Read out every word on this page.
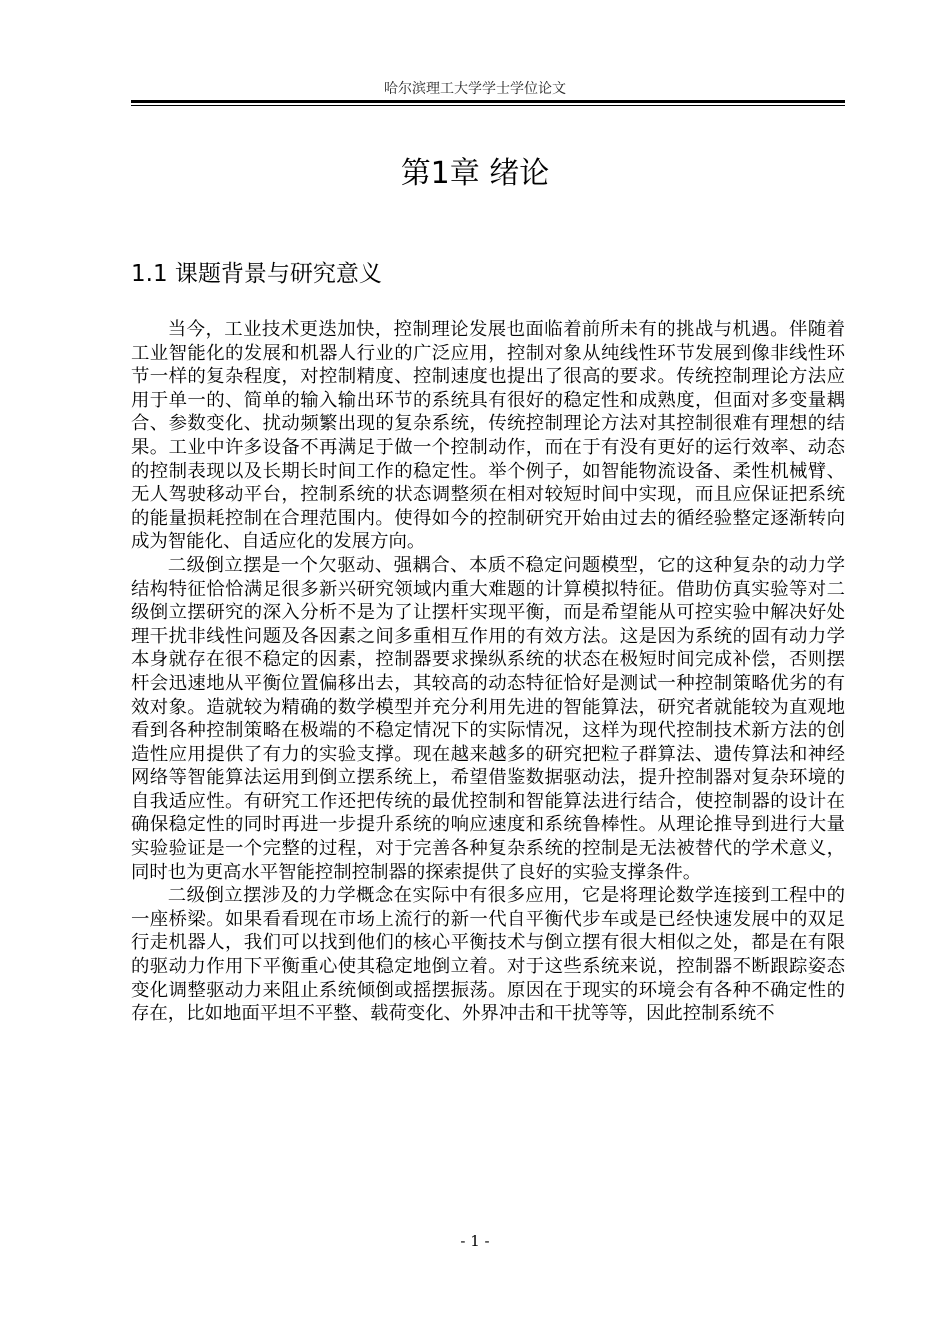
哈尔滨理工大学学士学位论文
第1章 绪论
1.1 课题背景与研究意义

当今，工业技术更迭加快，控制理论发展也面临着前所未有的挑战与机遇。伴随着工业智能化的发展和机器人行业的广泛应用，控制对象从纯线性环节发展到像非线性环节一样的复杂程度，对控制精度、控制速度也提出了很高的要求。传统控制理论方法应用于单一的、简单的输入输出环节的系统具有很好的稳定性和成熟度，但面对多变量耦合、参数变化、扰动频繁出现的复杂系统，传统控制理论方法对其控制很难有理想的结果。工业中许多设备不再满足于做一个控制动作，而在于有没有更好的运行效率、动态的控制表现以及长期长时间工作的稳定性。举个例子，如智能物流设备、柔性机械臂、无人驾驶移动平台，控制系统的状态调整须在相对较短时间中实现，而且应保证把系统的能量损耗控制在合理范围内。使得如今的控制研究开始由过去的循经验整定逐渐转向成为智能化、自适应化的发展方向。

二级倒立摆是一个欠驱动、强耦合、本质不稳定问题模型，它的这种复杂的动力学结构特征恰恰满足很多新兴研究领域内重大难题的计算模拟特征。借助仿真实验等对二级倒立摆研究的深入分析不是为了让摆杆实现平衡，而是希望能从可控实验中解决好处理干扰非线性问题及各因素之间多重相互作用的有效方法。这是因为系统的固有动力学本身就存在很不稳定的因素，控制器要求操纵系统的状态在极短时间完成补偿，否则摆杆会迅速地从平衡位置偏移出去，其较高的动态特征恰好是测试一种控制策略优劣的有效对象。造就较为精确的数学模型并充分利用先进的智能算法，研究者就能较为直观地看到各种控制策略在极端的不稳定情况下的实际情况，这样为现代控制技术新方法的创造性应用提供了有力的实验支撑。现在越来越多的研究把粒子群算法、遗传算法和神经网络等智能算法运用到倒立摆系统上，希望借鉴数据驱动法，提升控制器对复杂环境的自我适应性。有研究工作还把传统的最优控制和智能算法进行结合，使控制器的设计在确保稳定性的同时再进一步提升系统的响应速度和系统鲁棒性。从理论推导到进行大量实验验证是一个完整的过程，对于完善各种复杂系统的控制是无法被替代的学术意义，同时也为更高水平智能控制控制器的探索提供了良好的实验支撑条件。

二级倒立摆涉及的力学概念在实际中有很多应用，它是将理论数学连接到工程中的一座桥梁。如果看看现在市场上流行的新一代自平衡代步车或是已经快速发展中的双足行走机器人，我们可以找到他们的核心平衡技术与倒立摆有很大相似之处，都是在有限的驱动力作用下平衡重心使其稳定地倒立着。对于这些系统来说，控制器不断跟踪姿态变化调整驱动力来阻止系统倾倒或摇摆振荡。原因在于现实的环境会有各种不确定性的存在，比如地面平坦不平整、载荷变化、外界冲击和干扰等等，因此控制系统不

- 1 -
